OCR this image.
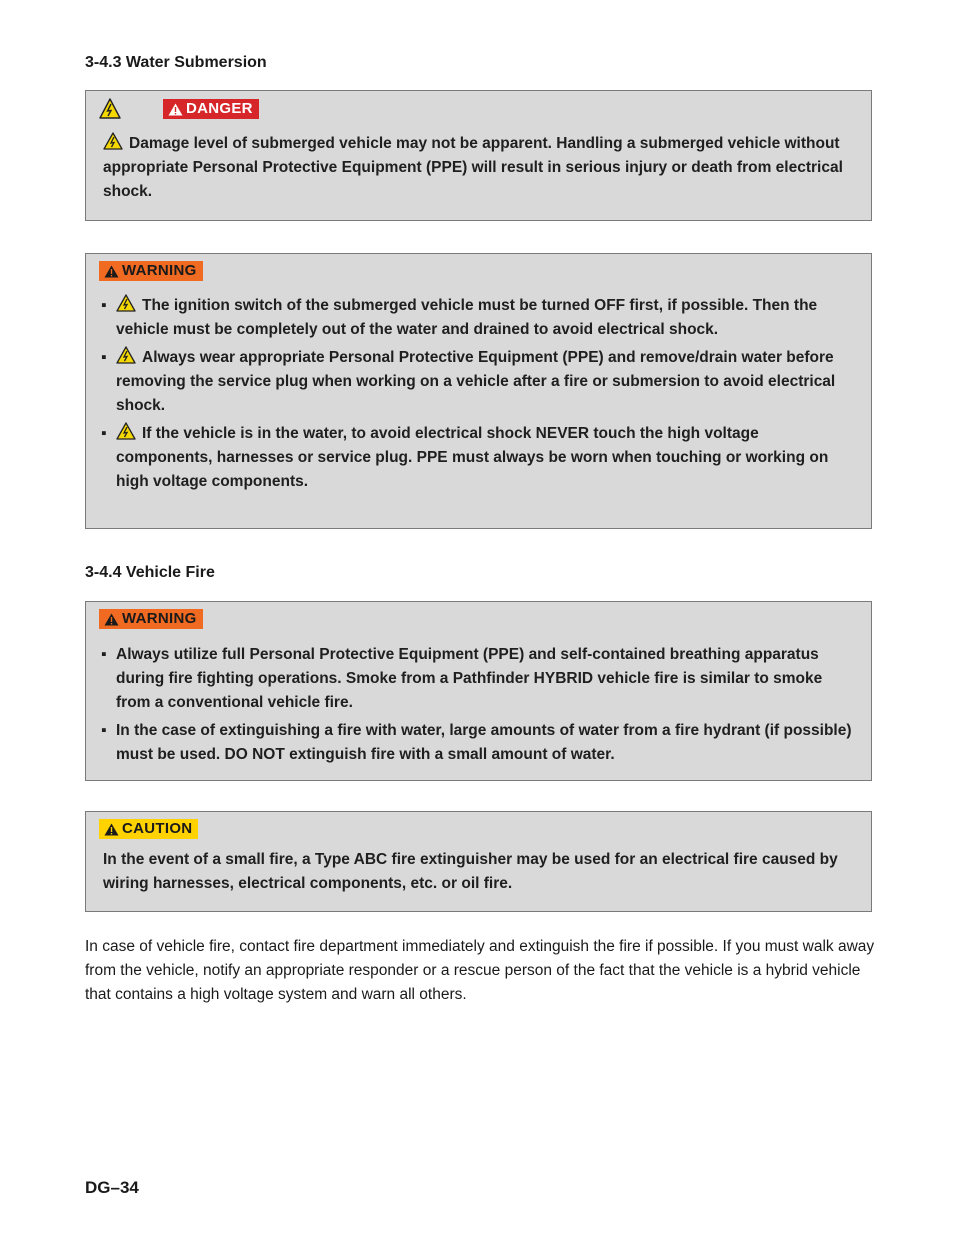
3-4.3 Water Submersion
DANGER
Damage level of submerged vehicle may not be apparent. Handling a submerged vehicle without appropriate Personal Protective Equipment (PPE) will result in serious injury or death from electrical shock.
WARNING
▪ The ignition switch of the submerged vehicle must be turned OFF first, if possible. Then the vehicle must be completely out of the water and drained to avoid electrical shock.
▪ Always wear appropriate Personal Protective Equipment (PPE) and remove/drain water before removing the service plug when working on a vehicle after a fire or submersion to avoid electrical shock.
▪ If the vehicle is in the water, to avoid electrical shock NEVER touch the high voltage components, harnesses or service plug. PPE must always be worn when touching or working on high voltage components.
3-4.4 Vehicle Fire
WARNING
▪ Always utilize full Personal Protective Equipment (PPE) and self-contained breathing apparatus during fire fighting operations. Smoke from a Pathfinder HYBRID vehicle fire is similar to smoke from a conventional vehicle fire.
▪ In the case of extinguishing a fire with water, large amounts of water from a fire hydrant (if possible) must be used. DO NOT extinguish fire with a small amount of water.
CAUTION
In the event of a small fire, a Type ABC fire extinguisher may be used for an electrical fire caused by wiring harnesses, electrical components, etc. or oil fire.

In case of vehicle fire, contact fire department immediately and extinguish the fire if possible. If you must walk away from the vehicle, notify an appropriate responder or a rescue person of the fact that the vehicle is a hybrid vehicle that contains a high voltage system and warn all others.

DG–34
